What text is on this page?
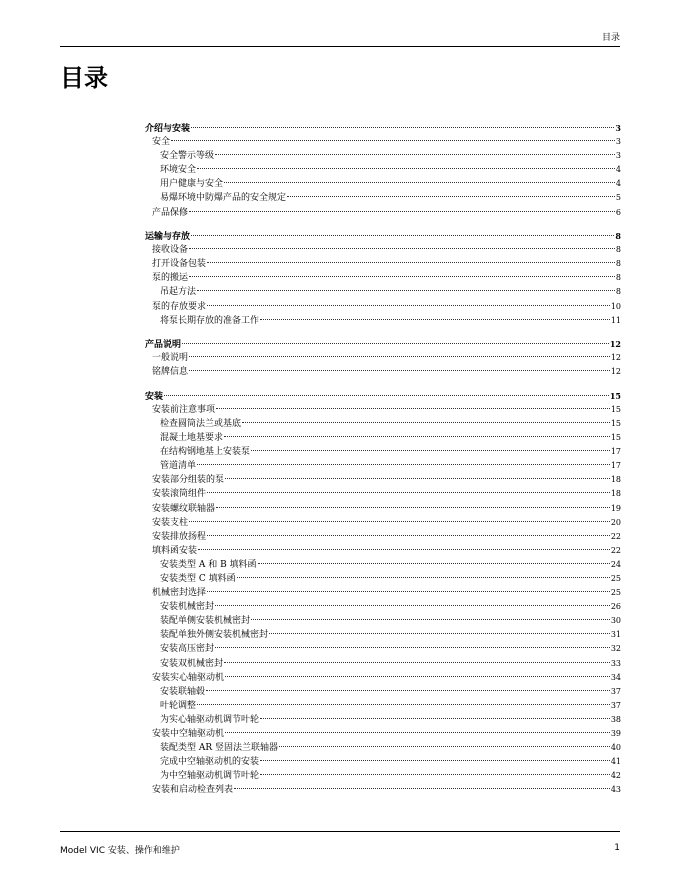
目录
目录
介绍与安装	3
安全	3
安全警示等级	3
环境安全	4
用户健康与安全	4
易爆环境中防爆产品的安全规定	5
产品保修	6
运输与存放	8
接收设备	8
打开设备包装	8
泵的搬运	8
吊起方法	8
泵的存放要求	10
将泵长期存放的准备工作	11
产品说明	12
一般说明	12
铭牌信息	12
安装	15
安装前注意事项	15
检查圆筒法兰或基底	15
混凝土地基要求	15
在结构钢地基上安装泵	17
管道清单	17
安装部分组装的泵	18
安装滚筒组件	18
安装螺纹联轴器	19
安装支柱	20
安装排放扬程	22
填料函安装	22
安装类型 A 和 B 填料函	24
安装类型 C 填料函	25
机械密封选择	25
安装机械密封	26
装配单侧安装机械密封	30
装配单独外侧安装机械密封	31
安装高压密封	32
安装双机械密封	33
安装实心轴驱动机	34
安装联轴毂	37
叶轮调整	37
为实心轴驱动机调节叶轮	38
安装中空轴驱动机	39
装配类型 AR 竖固法兰联轴器	40
完成中空轴驱动机的安装	41
为中空轴驱动机调节叶轮	42
安装和启动检查列表	43
Model VIC 安装、操作和维护	1
